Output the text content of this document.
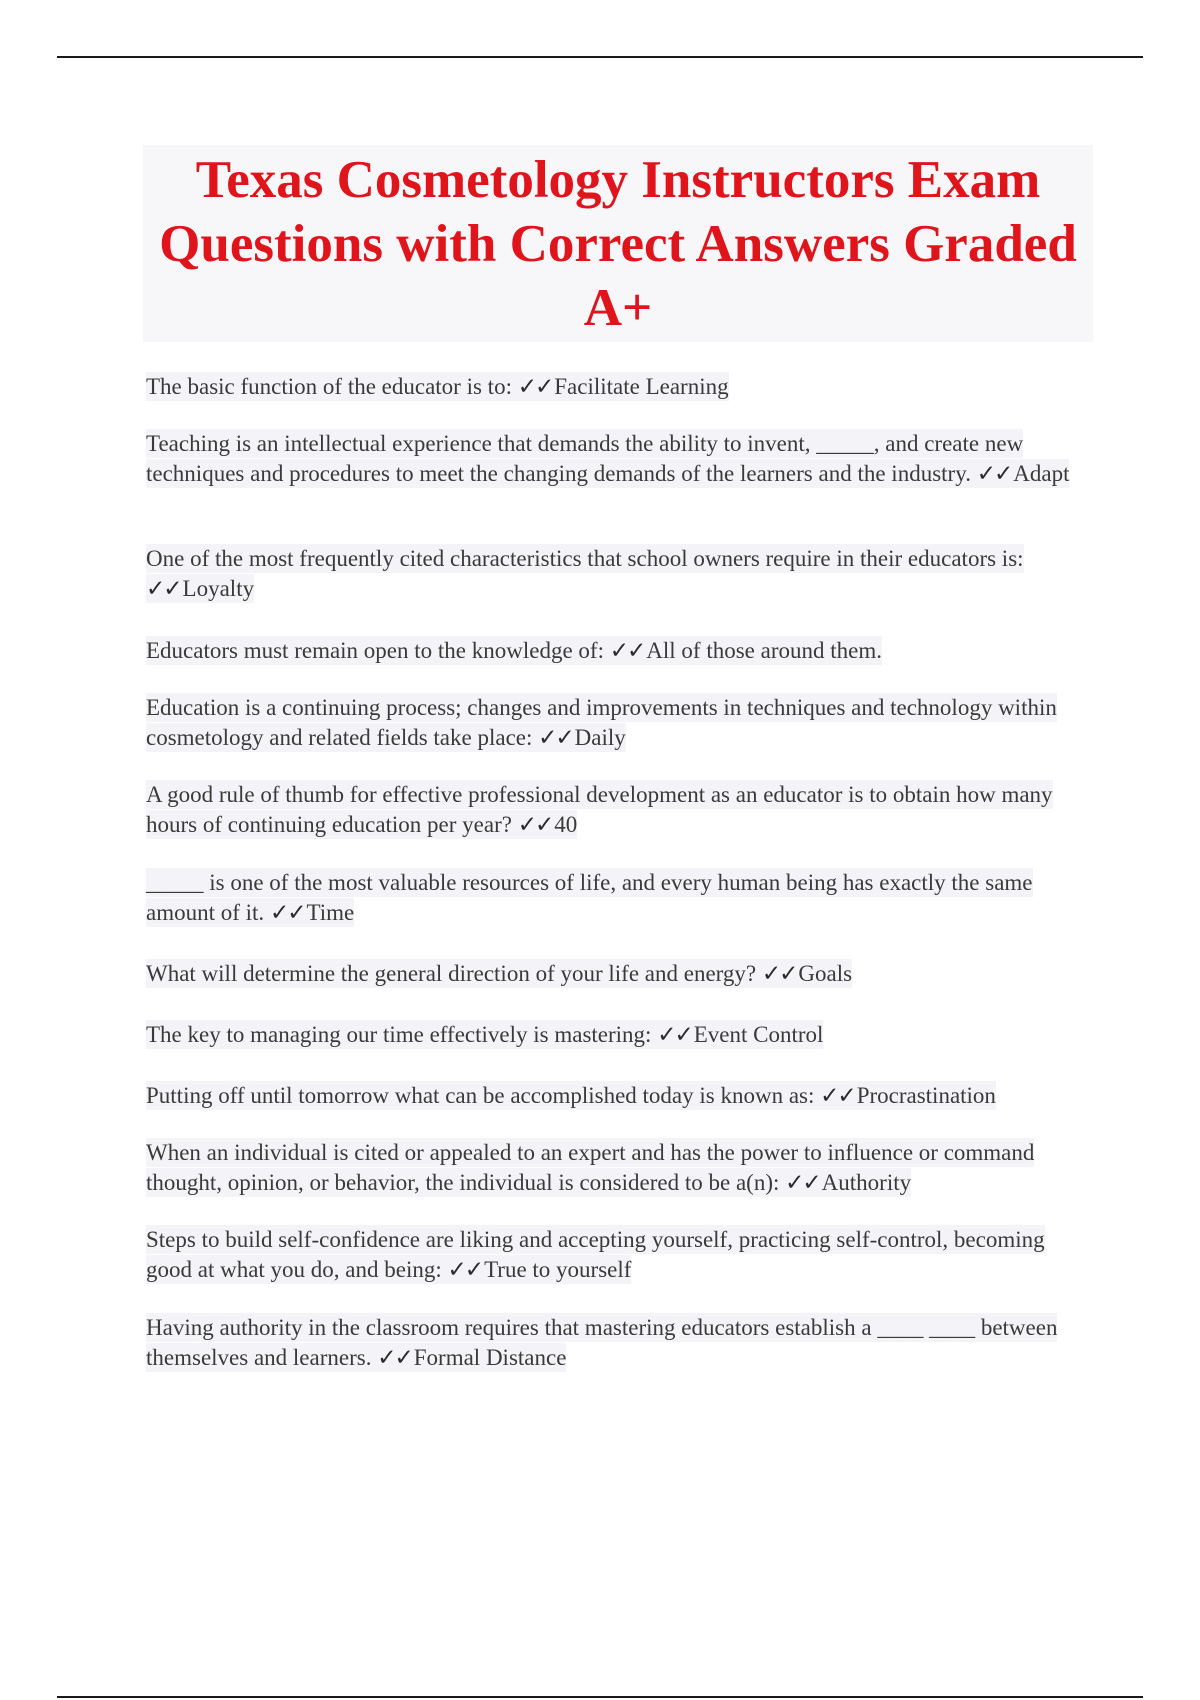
Texas Cosmetology Instructors Exam Questions with Correct Answers Graded A+

The basic function of the educator is to: ✓✓Facilitate Learning

Teaching is an intellectual experience that demands the ability to invent, _____, and create new techniques and procedures to meet the changing demands of the learners and the industry. ✓✓Adapt

One of the most frequently cited characteristics that school owners require in their educators is: ✓✓Loyalty

Educators must remain open to the knowledge of: ✓✓All of those around them.

Education is a continuing process; changes and improvements in techniques and technology within cosmetology and related fields take place: ✓✓Daily

A good rule of thumb for effective professional development as an educator is to obtain how many hours of continuing education per year? ✓✓40

_____ is one of the most valuable resources of life, and every human being has exactly the same amount of it. ✓✓Time

What will determine the general direction of your life and energy? ✓✓Goals

The key to managing our time effectively is mastering: ✓✓Event Control

Putting off until tomorrow what can be accomplished today is known as: ✓✓Procrastination

When an individual is cited or appealed to an expert and has the power to influence or command thought, opinion, or behavior, the individual is considered to be a(n): ✓✓Authority

Steps to build self-confidence are liking and accepting yourself, practicing self-control, becoming good at what you do, and being: ✓✓True to yourself

Having authority in the classroom requires that mastering educators establish a ____ ____ between themselves and learners. ✓✓Formal Distance
